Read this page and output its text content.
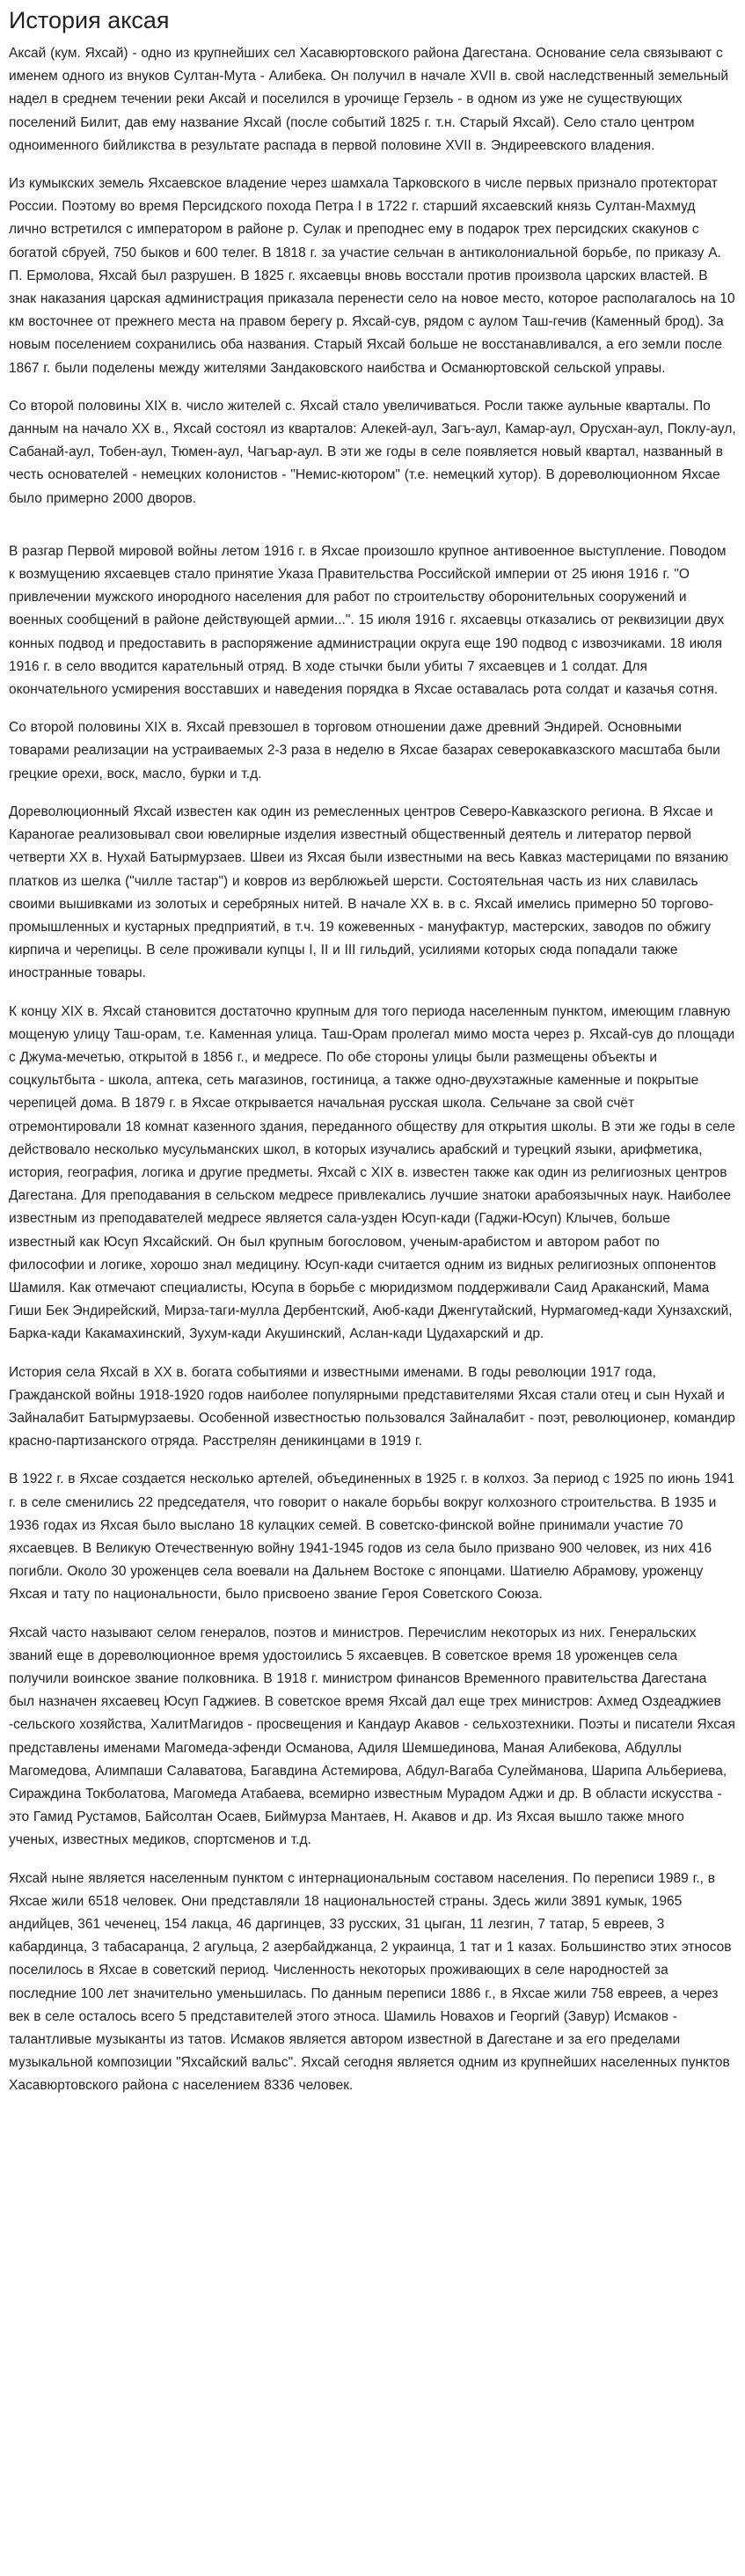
История аксая

Аксай (кум. Яхсай) - одно из крупнейших сел Хасавюртовского района Дагестана. Основание села связывают с именем одного из внуков Султан-Мута - Алибека. Он получил в начале XVII в. свой наследственный земельный надел в среднем течении реки Аксай и поселился в урочище Герзель - в одном из уже не существующих поселений Билит, дав ему название Яхсай (после событий 1825 г. т.н. Старый Яхсай). Село стало центром одноименного бийликства в результате распада в первой половине XVII в. Эндиреевского владения.

Из кумыкских земель Яхсаевское владение через шамхала Тарковского в числе первых признало протекторат России. Поэтому во время Персидского похода Петра I в 1722 г. старший яхсаевский князь Султан-Махмуд лично встретился с императором в районе р. Сулак и преподнес ему в подарок трех персидских скакунов с богатой сбруей, 750 быков и 600 телег. В 1818 г. за участие сельчан в антиколониальной борьбе, по приказу А. П. Ермолова, Яхсай был разрушен. В 1825 г. яхсаевцы вновь восстали против произвола царских властей. В знак наказания царская администрация приказала перенести село на новое место, которое располагалось на 10 км восточнее от прежнего места на правом берегу р. Яхсай-сув, рядом с аулом Таш-гечив (Каменный брод). За новым поселением сохранились оба названия. Старый Яхсай больше не восстанавливался, а его земли после 1867 г. были поделены между жителями Зандаковского наибства и Османюртовской сельской управы.

Со второй половины XIX в. число жителей с. Яхсай стало увеличиваться. Росли также аульные кварталы. По данным на начало XX в., Яхсай состоял из кварталов: Алекей-аул, Загъ-аул, Камар-аул, Орусхан-аул, Поклу-аул, Сабанай-аул, Тобен-аул, Тюмен-аул, Чагъар-аул. В эти же годы в селе появляется новый квартал, названный в честь основателей - немецких колонистов - "Немис-кютором" (т.е. немецкий хутор). В дореволюционном Яхсае было примерно 2000 дворов.

В разгар Первой мировой войны летом 1916 г. в Яхсае произошло крупное антивоенное выступление. Поводом к возмущению яхсаевцев стало принятие Указа Правительства Российской империи от 25 июня 1916 г. "О привлечении мужского инородного населения для работ по строительству оборонительных сооружений и военных сообщений в районе действующей армии...". 15 июля 1916 г. яхсаевцы отказались от реквизиции двух конных подвод и предоставить в распоряжение администрации округа еще 190 подвод с извозчиками. 18 июля 1916 г. в село вводится карательный отряд. В ходе стычки были убиты 7 яхсаевцев и 1 солдат. Для окончательного усмирения восставших и наведения порядка в Яхсае оставалась рота солдат и казачья сотня.

Со второй половины XIX в. Яхсай превзошел в торговом отношении даже древний Эндирей. Основными товарами реализации на устраиваемых 2-3 раза в неделю в Яхсае базарах северокавказского масштаба были грецкие орехи, воск, масло, бурки и т.д.

Дореволюционный Яхсай известен как один из ремесленных центров Северо-Кавказского региона. В Яхсае и Караногае реализовывал свои ювелирные изделия известный общественный деятель и литератор первой четверти XX в. Нухай Батырмурзаев. Швеи из Яхсая были известными на весь Кавказ мастерицами по вязанию платков из шелка ("чилле тастар") и ковров из верблюжьей шерсти. Состоятельная часть из них славилась своими вышивками из золотых и серебряных нитей. В начале XX в. в с. Яхсай имелись примерно 50 торгово-промышленных и кустарных предприятий, в т.ч. 19 кожевенных - мануфактур, мастерских, заводов по обжигу кирпича и черепицы. В селе проживали купцы I, II и III гильдий, усилиями которых сюда попадали также иностранные товары.

К концу XIX в. Яхсай становится достаточно крупным для того периода населенным пунктом, имеющим главную мощеную улицу Таш-орам, т.е. Каменная улица. Таш-Орам пролегал мимо моста через р. Яхсай-сув до площади с Джума-мечетью, открытой в 1856 г., и медресе. По обе стороны улицы были размещены объекты и соцкультбыта - школа, аптека, сеть магазинов, гостиница, а также одно-двухэтажные каменные и покрытые черепицей дома. В 1879 г. в Яхсае открывается начальная русская школа. Сельчане за свой счёт отремонтировали 18 комнат казенного здания, переданного обществу для открытия школы. В эти же годы в селе действовало несколько мусульманских школ, в которых изучались арабский и турецкий языки, арифметика, история, география, логика и другие предметы. Яхсай с XIX в. известен также как один из религиозных центров Дагестана. Для преподавания в сельском медресе привлекались лучшие знатоки арабоязычных наук. Наиболее известным из преподавателей медресе является сала-узден Юсуп-кади (Гаджи-Юсуп) Клычев, больше известный как Юсуп Яхсайский. Он был крупным богословом, ученым-арабистом и автором работ по философии и логике, хорошо знал медицину. Юсуп-кади считается одним из видных религиозных оппонентов Шамиля. Как отмечают специалисты, Юсупа в борьбе с мюридизмом поддерживали Саид Араканский, Мама Гиши Бек Эндирейский, Мирза-таги-мулла Дербентский, Аюб-кади Дженгутайский, Нурмагомед-кади Хунзахский, Барка-кади Какамахинский, Зухум-кади Акушинский, Аслан-кади Цудахарский и др.

История села Яхсай в XX в. богата событиями и известными именами. В годы революции 1917 года, Гражданской войны 1918-1920 годов наиболее популярными представителями Яхсая стали отец и сын Нухай и Зайналабит Батырмурзаевы. Особенной известностью пользовался Зайналабит - поэт, революционер, командир красно-партизанского отряда. Расстрелян деникинцами в 1919 г.

В 1922 г. в Яхсае создается несколько артелей, объединенных в 1925 г. в колхоз. За период с 1925 по июнь 1941 г. в селе сменились 22 председателя, что говорит о накале борьбы вокруг колхозного строительства. В 1935 и 1936 годах из Яхсая было выслано 18 кулацких семей. В советско-финской войне принимали участие 70 яхсаевцев. В Великую Отечественную войну 1941-1945 годов из села было призвано 900 человек, из них 416 погибли. Около 30 уроженцев села воевали на Дальнем Востоке с японцами. Шатиелю Абрамову, уроженцу Яхсая и тату по национальности, было присвоено звание Героя Советского Союза.

Яхсай часто называют селом генералов, поэтов и министров. Перечислим некоторых из них. Генеральских званий еще в дореволюционное время удостоились 5 яхсаевцев. В советское время 18 уроженцев села получили воинское звание полковника. В 1918 г. министром финансов Временного правительства Дагестана был назначен яхсаевец Юсуп Гаджиев. В советское время Яхсай дал еще трех министров: Ахмед Оздеаджиев -сельского хозяйства, ХалитМагидов - просвещения и Кандаур Акавов - сельхозтехники. Поэты и писатели Яхсая представлены именами Магомеда-эфенди Османова, Адиля Шемшединова, Маная Алибекова, Абдуллы Магомедова, Алимпаши Салаватова, Багавдина Астемирова, Абдул-Вагаба Сулейманова, Шарипа Альбериева, Сираждина Токболатова, Магомеда Атабаева, всемирно известным Мурадом Аджи и др. В области искусства - это Гамид Рустамов, Байсолтан Осаев, Биймурза Мантаев, Н. Акавов и др. Из Яхсая вышло также много ученых, известных медиков, спортсменов и т.д.

Яхсай ныне является населенным пунктом с интернациональным составом населения. По переписи 1989 г., в Яхсае жили 6518 человек. Они представляли 18 национальностей страны. Здесь жили 3891 кумык, 1965 андийцев, 361 чеченец, 154 лакца, 46 даргинцев, 33 русских, 31 цыган, 11 лезгин, 7 татар, 5 евреев, 3 кабардинца, 3 табасаранца, 2 агульца, 2 азербайджанца, 2 украинца, 1 тат и 1 казах. Большинство этих этносов поселилось в Яхсае в советский период. Численность некоторых проживающих в селе народностей за последние 100 лет значительно уменьшилась. По данным переписи 1886 г., в Яхсае жили 758 евреев, а через век в селе осталось всего 5 представителей этого этноса. Шамиль Новахов и Георгий (Завур) Исмаков - талантливые музыканты из татов. Исмаков является автором известной в Дагестане и за его пределами музыкальной композиции "Яхсайский вальс". Яхсай сегодня является одним из крупнейших населенных пунктов Хасавюртовского района с населением 8336 человек.
